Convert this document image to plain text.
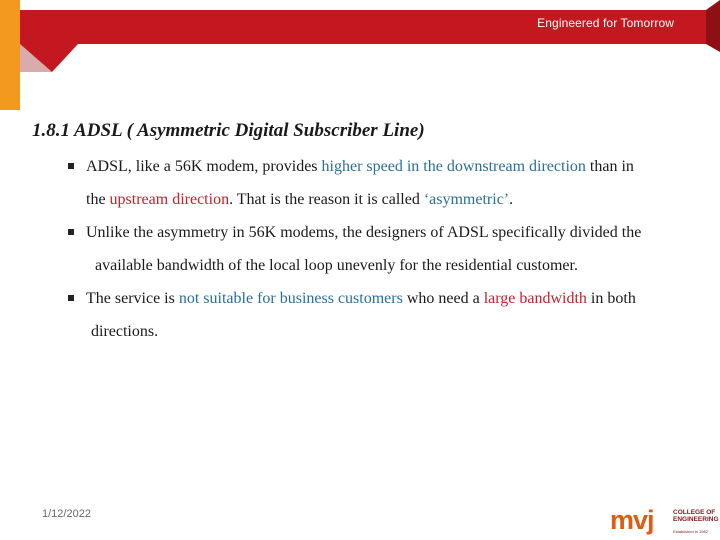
Engineered for Tomorrow
1.8.1 ADSL ( Asymmetric Digital Subscriber Line)
ADSL, like a 56K modem, provides higher speed in the downstream direction than in
the upstream direction. That is the reason it is called ‘asymmetric’.
Unlike the asymmetry in 56K modems, the designers of ADSL specifically divided the
available bandwidth of the local loop unevenly for the residential customer.
The service is not suitable for business customers who need a large bandwidth in both
directions.
1/12/2022	mvj	COLLEGE OF
ENGINEERING
Established in 1982
